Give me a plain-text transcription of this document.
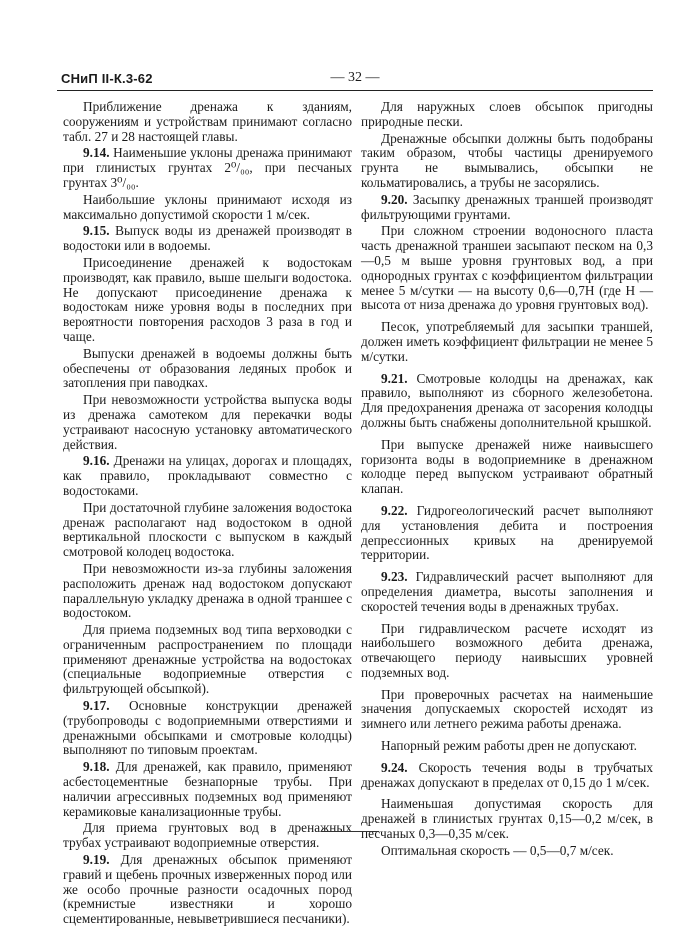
СНиП II-К.3-62	— 32 —

Приближение дренажа к зданиям, сооружениям и устройствам принимают согласно табл. 27 и 28 настоящей главы.

9.14. Наименьшие уклоны дренажа принимают при глинистых грунтах 2⁰/₀₀, при песчаных грунтах 3⁰/₀₀.

Наибольшие уклоны принимают исходя из максимально допустимой скорости 1 м/сек.

9.15. Выпуск воды из дренажей производят в водостоки или в водоемы.

Присоединение дренажей к водостокам производят, как правило, выше шелыги водостока. Не допускают присоединение дренажа к водостокам ниже уровня воды в последних при вероятности повторения расходов 3 раза в год и чаще.

Выпуски дренажей в водоемы должны быть обеспечены от образования ледяных пробок и затопления при паводках.

При невозможности устройства выпуска воды из дренажа самотеком для перекачки воды устраивают насосную установку автоматического действия.

9.16. Дренажи на улицах, дорогах и площадях, как правило, прокладывают совместно с водостоками.

При достаточной глубине заложения водостока дренаж располагают над водостоком в одной вертикальной плоскости с выпуском в каждый смотровой колодец водостока.

При невозможности из-за глубины заложения расположить дренаж над водостоком допускают параллельную укладку дренажа в одной траншее с водостоком.

Для приема подземных вод типа верховодки с ограниченным распространением по площади применяют дренажные устройства на водостоках (специальные водоприемные отверстия с фильтрующей обсыпкой).

9.17. Основные конструкции дренажей (трубопроводы с водоприемными отверстиями и дренажными обсыпками и смотровые колодцы) выполняют по типовым проектам.

9.18. Для дренажей, как правило, применяют асбестоцементные безнапорные трубы. При наличии агрессивных подземных вод применяют керамиковые канализационные трубы.

Для приема грунтовых вод в дренажных трубах устраивают водоприемные отверстия.

9.19. Для дренажных обсыпок применяют гравий и щебень прочных изверженных пород или же особо прочные разности осадочных пород (кремнистые известняки и хорошо сцементированные, невыветрившиеся песчаники).

Для наружных слоев обсыпок пригодны природные пески.

Дренажные обсыпки должны быть подобраны таким образом, чтобы частицы дренируемого грунта не вымывались, обсыпки не кольматировались, а трубы не засорялись.

9.20. Засыпку дренажных траншей производят фильтрующими грунтами.

При сложном строении водоносного пласта часть дренажной траншеи засыпают песком на 0,3—0,5 м выше уровня грунтовых вод, а при однородных грунтах с коэффициентом фильтрации менее 5 м/сутки — на высоту 0,6—0,7H (где H — высота от низа дренажа до уровня грунтовых вод).

Песок, употребляемый для засыпки траншей, должен иметь коэффициент фильтрации не менее 5 м/сутки.

9.21. Смотровые колодцы на дренажах, как правило, выполняют из сборного железобетона. Для предохранения дренажа от засорения колодцы должны быть снабжены дополнительной крышкой.

При выпуске дренажей ниже наивысшего горизонта воды в водоприемнике в дренажном колодце перед выпуском устраивают обратный клапан.

9.22. Гидрогеологический расчет выполняют для установления дебита и построения депрессионных кривых на дренируемой территории.

9.23. Гидравлический расчет выполняют для определения диаметра, высоты заполнения и скоростей течения воды в дренажных трубах.

При гидравлическом расчете исходят из наибольшего возможного дебита дренажа, отвечающего периоду наивысших уровней подземных вод.

При проверочных расчетах на наименьшие значения допускаемых скоростей исходят из зимнего или летнего режима работы дренажа.

Напорный режим работы дрен не допускают.

9.24. Скорость течения воды в трубчатых дренажах допускают в пределах от 0,15 до 1 м/сек.

Наименьшая допустимая скорость для дренажей в глинистых грунтах 0,15—0,2 м/сек, в песчаных 0,3—0,35 м/сек.

Оптимальная скорость — 0,5—0,7 м/сек.
